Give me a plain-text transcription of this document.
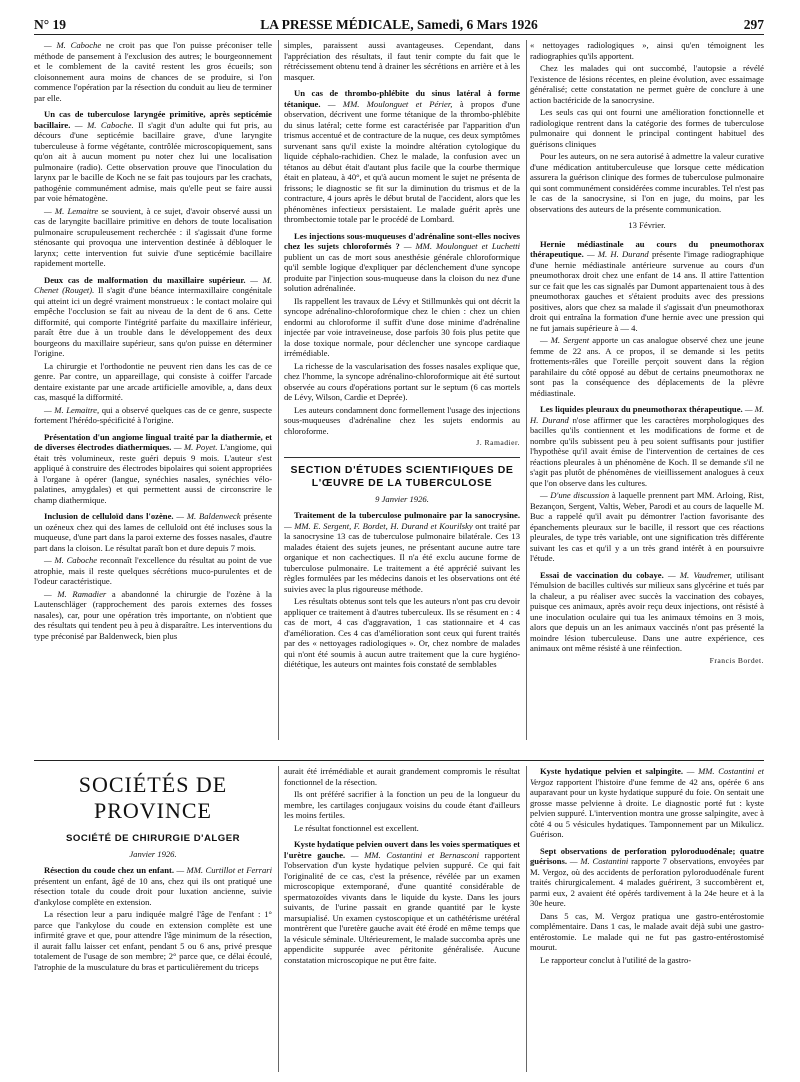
N° 19	LA PRESSE MÉDICALE, Samedi, 6 Mars 1926	297

— M. Caboche ne croit pas que l'on puisse préconiser telle méthode de pansement à l'exclusion des autres; le bourgeonnement et le comblement de la cavité restent les gros écueils; son cloisonnement aura moins de chances de se produire, si l'on commence l'opération par la résection du conduit au lieu de terminer par elle.

Un cas de tuberculose laryngée primitive, après septicémie bacillaire. — M. Caboche. Il s'agit d'un adulte qui fut pris, au décours d'une septicémie bacillaire grave, d'une laryngite tuberculeuse à forme végétante, contrôlée microscopiquement, sans qu'on ait à aucun moment pu noter chez lui une localisation pulmonaire (radio). Cette observation prouve que l'inoculation du larynx par le bacille de Koch ne se fait pas toujours par les crachats, pathogénie communément admise, mais qu'elle peut se faire aussi par voie hématogène.

— M. Lemaitre se souvient, à ce sujet, d'avoir observé aussi un cas de laryngite bacillaire primitive en dehors de toute localisation pulmonaire scrupuleusement recherchée : il s'agissait d'une forme sténosante qui provoqua une intervention destinée à débloquer le larynx; cette intervention fut suivie d'une septicémie bacillaire rapidement mortelle.

Deux cas de malformation du maxillaire supérieur. — M. Chenet (Rouget). Il s'agit d'une béance intermaxillaire congénitale qui atteint ici un degré vraiment monstrueux : le contact molaire qui empêche l'occlusion se fait au niveau de la dent de 6 ans. Cette difformité, qui comporte l'intégrité parfaite du maxillaire inférieur, paraît être due à un trouble dans le développement des deux bourgeons du maxillaire supérieur, sans qu'on puisse en déterminer l'origine.

La chirurgie et l'orthodontie ne peuvent rien dans les cas de ce genre. Par contre, un appareillage, qui consiste à coiffer l'arcade dentaire existante par une arcade artificielle amovible, a, dans deux cas, masqué la difformité.

— M. Lemaitre, qui a observé quelques cas de ce genre, suspecte fortement l'hérédo-spécificité à l'origine.

Présentation d'un angiome lingual traité par la diathermie, et de diverses électrodes diathermiques. — M. Poyet. L'angiome, qui était très volumineux, reste guéri depuis 9 mois. L'auteur s'est appliqué à construire des électrodes bipolaires qui soient appropriées à l'organe à opérer (langue, synéchies nasales, synéchies vélo-palatines, amygdales) et qui permettent aussi de circonscrire le champ diathermique.

Inclusion de celluloïd dans l'ozène. — M. Baldenweck présente un ozéneux chez qui des lames de celluloïd ont été incluses sous la muqueuse, d'une part dans la paroi externe des fosses nasales, d'autre part dans la cloison. Le résultat paraît bon et dure depuis 7 mois.

— M. Caboche reconnaît l'excellence du résultat au point de vue atrophie, mais il reste quelques sécrétions muco-purulentes et de l'odeur caractéristique.

— M. Ramadier a abandonné la chirurgie de l'ozène à la Lautenschläger (rapprochement des parois externes des fosses nasales), car, pour une opération très importante, on n'obtient que des résultats qui tendent peu à peu à disparaître. Les interventions du type préconisé par Baldenweck, bien plus

simples, paraissent aussi avantageuses. Cependant, dans l'appréciation des résultats, il faut tenir compte du fait que le rétrécissement obtenu tend à drainer les sécrétions en arrière et à les masquer.

Un cas de thrombo-phlébite du sinus latéral à forme tétanique. — MM. Moulonguet et Périer, à propos d'une observation, décrivent une forme tétanique de la thrombo-phlébite du sinus latéral; cette forme est caractérisée par l'apparition d'un trismus accentué et de contracture de la nuque, ces deux symptômes survenant sans qu'il existe la moindre altération cytologique du liquide céphalo-rachidien. Chez le malade, la confusion avec un tétanos au début était d'autant plus facile que la courbe thermique était en plateau, à 40°, et qu'à aucun moment le sujet ne présenta de frissons; le diagnostic se fit sur la diminution du trismus et de la contracture, 4 jours après le début brutal de l'accident, alors que les phénomènes infectieux persistaient. Le malade guérit après une thrombectomie totale par le procédé de Lombard.

Les injections sous-muqueuses d'adrénaline sont-elles nocives chez les sujets chloroformés ? — MM. Moulonguet et Luchetti publient un cas de mort sous anesthésie générale chloroformique qu'il semble logique d'expliquer par déclenchement d'une syncope produite par l'injection sous-muqueuse dans la cloison du nez d'une solution adrénalinée.

Ils rappellent les travaux de Lévy et Stillmunkès qui ont décrit la syncope adrénalino-chloroformique chez le chien : chez un chien endormi au chloroforme il suffit d'une dose minime d'adrénaline injectée par voie intraveineuse, dose parfois 30 fois plus petite que la dose toxique normale, pour déclencher une syncope cardiaque irrémédiable.

La richesse de la vascularisation des fosses nasales explique que, chez l'homme, la syncope adrénalino-chloroformique ait été surtout observée au cours d'opérations portant sur le septum (6 cas mortels de Lévy, Wilson, Cardie et Deprée).

Les auteurs condamnent donc formellement l'usage des injections sous-muqueuses d'adrénaline chez les sujets endormis au chloroforme.

J. Ramadier.
SECTION D'ÉTUDES SCIENTIFIQUES DE L'ŒUVRE DE LA TUBERCULOSE
9 Janvier 1926.

Traitement de la tuberculose pulmonaire par la sanocrysine. — MM. E. Sergent, F. Bordet, H. Durand et Kourilsky ont traité par la sanocrysine 13 cas de tuberculose pulmonaire bilatérale. Ces 13 malades étaient des sujets jeunes, ne présentant aucune autre tare organique et non cachectiques. Il n'a été exclu aucune forme de tuberculose pulmonaire. Le traitement a été apprécié suivant les règles formulées par les médecins danois et les observations ont été suivies avec la plus rigoureuse méthode.

Les résultats obtenus sont tels que les auteurs n'ont pas cru devoir appliquer ce traitement à d'autres tuberculeux. Ils se résument en : 4 cas de mort, 4 cas d'aggravation, 1 cas stationnaire et 4 cas d'amélioration. Ces 4 cas d'amélioration sont ceux qui furent traités par des « nettoyages radiologiques ». Or, chez nombre de malades qui n'ont été soumis à aucun autre traitement que la cure hygiéno-diététique, les auteurs ont maintes fois constaté de semblables

« nettoyages radiologiques », ainsi qu'en témoignent les radiographies qu'ils apportent.

Chez les malades qui ont succombé, l'autopsie a révélé l'existence de lésions récentes, en pleine évolution, avec essaimage généralisé; cette constatation ne permet guère de conclure à une action bactéricide de la sanocrysine.

Les seuls cas qui ont fourni une amélioration fonctionnelle et radiologique rentrent dans la catégorie des formes de tuberculose pulmonaire qui donnent le principal contingent habituel des guérisons cliniques

Pour les auteurs, on ne sera autorisé à admettre la valeur curative d'une médication antituberculeuse que lorsque cette médication assurera la guérison clinique des formes de tuberculose pulmonaire qui sont communément considérées comme incurables. Tel n'est pas le cas de la sanocrysine, si l'on en juge, du moins, par les observations des auteurs de la présente communication.

13 Février.

Hernie médiastinale au cours du pneumothorax thérapeutique. — M. H. Durand présente l'image radiographique d'une hernie médiastinale antérieure survenue au cours d'un pneumothorax droit chez une enfant de 14 ans. Il attire l'attention sur ce fait que les cas signalés par Dumont appartenaient tous à des pneumothorax gauches et s'étaient produits avec des pressions positives, alors que chez sa malade il s'agissait d'un pneumothorax droit qui entraîna la formation d'une hernie avec une pression qui ne fut jamais supérieure à — 4.

— M. Sergent apporte un cas analogue observé chez une jeune femme de 22 ans. A ce propos, il se demande si les petits frottements-râles que l'oreille perçoit souvent dans la région parahilaire du côté opposé au début de certains pneumothorax ne sont pas la conséquence des déplacements de la plèvre médiastinale.

Les liquides pleuraux du pneumothorax thérapeutique. — M. H. Durand n'ose affirmer que les caractères morphologiques des bacilles qu'ils contiennent et les modifications de forme et de nombre qu'ils subissent peu à peu soient suffisants pour justifier l'hypothèse qu'il avait émise de l'intervention de certaines de ces réactions pleurales à un phénomène de Koch. Il se demande s'il ne s'agit pas plutôt de phénomènes de vieillissement analogues à ceux que l'on observe dans les cultures.

— D'une discussion à laquelle prennent part MM. Arloing, Rist, Bezançon, Sergent, Valtis, Weber, Parodi et au cours de laquelle M. Buc a rappelé qu'il avait pu démontrer l'action favorisante des épanchements pleuraux sur le bacille, il ressort que ces réactions pleurales, de type très variable, ont une signification très différente suivant les cas et qu'il y a un très grand intérêt à en poursuivre l'étude.

Essai de vaccination du cobaye. — M. Vaudremer, utilisant l'émulsion de bacilles cultivés sur milieux sans glycérine et tués par la chaleur, a pu réaliser avec succès la vaccination des cobayes, puisque ces animaux, après avoir reçu deux injections, ont résisté à une inoculation oculaire qui tua les animaux témoins en 3 mois, alors que depuis un an les animaux vaccinés n'ont pas présenté la moindre lésion tuberculeuse. Dans une autre expérience, ces animaux ont même résisté à une réinfection.

Francis Bordet.
SOCIÉTÉS DE PROVINCE
SOCIÉTÉ DE CHIRURGIE D'ALGER
Janvier 1926.

Résection du coude chez un enfant. — MM. Curtillot et Ferrari présentent un enfant, âgé de 10 ans, chez qui ils ont pratiqué une résection totale du coude droit pour luxation ancienne, suivie d'ankylose complète en extension.

La résection leur a paru indiquée malgré l'âge de l'enfant : 1° parce que l'ankylose du coude en extension complète est une infirmité grave et que, pour attendre l'âge minimum de la résection, il aurait fallu laisser cet enfant, pendant 5 ou 6 ans, privé presque totalement de l'usage de son membre; 2° parce que, ce délai écoulé, l'atrophie de la musculature du bras et particulièrement du triceps

aurait été irrémédiable et aurait grandement compromis le résultat fonctionnel de la résection.

Ils ont préféré sacrifier à la fonction un peu de la longueur du membre, les cartilages conjugaux voisins du coude étant d'ailleurs les moins fertiles.

Le résultat fonctionnel est excellent.

Kyste hydatique pelvien ouvert dans les voies spermatiques et l'urètre gauche. — MM. Costantini et Bernasconi rapportent l'observation d'un kyste hydatique pelvien suppuré. Ce qui fait l'originalité de ce cas, c'est la présence, révélée par un examen microscopique extemporané, d'une quantité considérable de spermatozoïdes vivants dans le liquide du kyste. Dans les jours suivants, de l'urine passait en grande quantité par le kyste marsupialisé. Un examen cystoscopique et un cathétérisme urétéral montrèrent que l'uretère gauche avait été érodé en même temps que la vésicule séminale. Ultérieurement, le malade succomba après une appendicite suppurée avec péritonite généralisée. Aucune constatation microscopique ne put être faite.

Kyste hydatique pelvien et salpingite. — MM. Costantini et Vergoz rapportent l'histoire d'une femme de 42 ans, opérée 6 ans auparavant pour un kyste hydatique suppuré du foie. On sentait une grosse masse pelvienne à droite. Le diagnostic porté fut : kyste pelvien suppuré. L'intervention montra une grosse salpingite, avec à côté 4 ou 5 vésicules hydatiques. Tamponnement par un Mikulicz. Guérison.

Sept observations de perforation pyloroduodénale; quatre guérisons. — M. Costantini rapporte 7 observations, envoyées par M. Vergoz, où des accidents de perforation pyloroduodénale furent traités chirurgicalement. 4 malades guérirent, 3 succombèrent et, parmi eux, 2 avaient été opérés tardivement à la 24e heure et à la 30e heure.

Dans 5 cas, M. Vergoz pratiqua une gastro-entérostomie complémentaire. Dans 1 cas, le malade avait déjà subi une gastro-entérostomie. Le malade qui ne fut pas gastro-entérostomisé mourut.

Le rapporteur conclut à l'utilité de la gastro-
